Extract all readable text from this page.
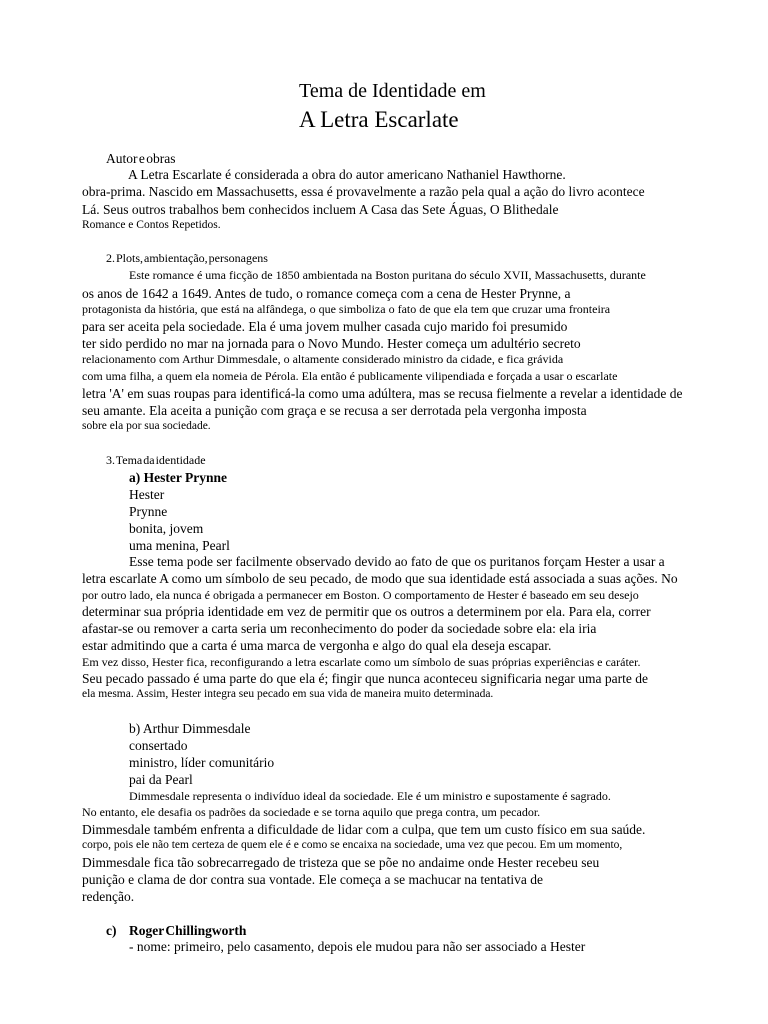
Tema de Identidade em
A Letra Escarlate
Autor e obras
A Letra Escarlate é considerada a obra do autor americano Nathaniel Hawthorne.
obra-prima. Nascido em Massachusetts, essa é provavelmente a razão pela qual a ação do livro acontece
Lá. Seus outros trabalhos bem conhecidos incluem A Casa das Sete Águas, O Blithedale
Romance e Contos Repetidos.
2. Plots, ambientação, personagens
Este romance é uma ficção de 1850 ambientada na Boston puritana do século XVII, Massachusetts, durante
os anos de 1642 a 1649. Antes de tudo, o romance começa com a cena de Hester Prynne, a
protagonista da história, que está na alfândega, o que simboliza o fato de que ela tem que cruzar uma fronteira
para ser aceita pela sociedade. Ela é uma jovem mulher casada cujo marido foi presumido
ter sido perdido no mar na jornada para o Novo Mundo. Hester começa um adultério secreto
relacionamento com Arthur Dimmesdale, o altamente considerado ministro da cidade, e fica grávida
com uma filha, a quem ela nomeia de Pérola. Ela então é publicamente vilipendiada e forçada a usar o escarlate
letra 'A' em suas roupas para identificá-la como uma adúltera, mas se recusa fielmente a revelar a identidade de
seu amante. Ela aceita a punição com graça e se recusa a ser derrotada pela vergonha imposta
sobre ela por sua sociedade.
3. Tema da identidade
a) Hester Prynne
Hester
Prynne
bonita, jovem
uma menina, Pearl
Esse tema pode ser facilmente observado devido ao fato de que os puritanos forçam Hester a usar a
letra escarlate A como um símbolo de seu pecado, de modo que sua identidade está associada a suas ações. No
por outro lado, ela nunca é obrigada a permanecer em Boston. O comportamento de Hester é baseado em seu desejo
determinar sua própria identidade em vez de permitir que os outros a determinem por ela. Para ela, correr
afastar-se ou remover a carta seria um reconhecimento do poder da sociedade sobre ela: ela iria
estar admitindo que a carta é uma marca de vergonha e algo do qual ela deseja escapar.
Em vez disso, Hester fica, reconfigurando a letra escarlate como um símbolo de suas próprias experiências e caráter.
Seu pecado passado é uma parte do que ela é; fingir que nunca aconteceu significaria negar uma parte de
ela mesma. Assim, Hester integra seu pecado em sua vida de maneira muito determinada.
b) Arthur Dimmesdale
consertado
ministro, líder comunitário
pai da Pearl
Dimmesdale representa o indivíduo ideal da sociedade. Ele é um ministro e supostamente é sagrado.
No entanto, ele desafia os padrões da sociedade e se torna aquilo que prega contra, um pecador.
Dimmesdale também enfrenta a dificuldade de lidar com a culpa, que tem um custo físico em sua saúde.
corpo, pois ele não tem certeza de quem ele é e como se encaixa na sociedade, uma vez que pecou. Em um momento,
Dimmesdale fica tão sobrecarregado de tristeza que se põe no andaime onde Hester recebeu seu
punição e clama de dor contra sua vontade. Ele começa a se machucar na tentativa de
redenção.
c) Roger Chillingworth
- nome: primeiro, pelo casamento, depois ele mudou para não ser associado a Hester
